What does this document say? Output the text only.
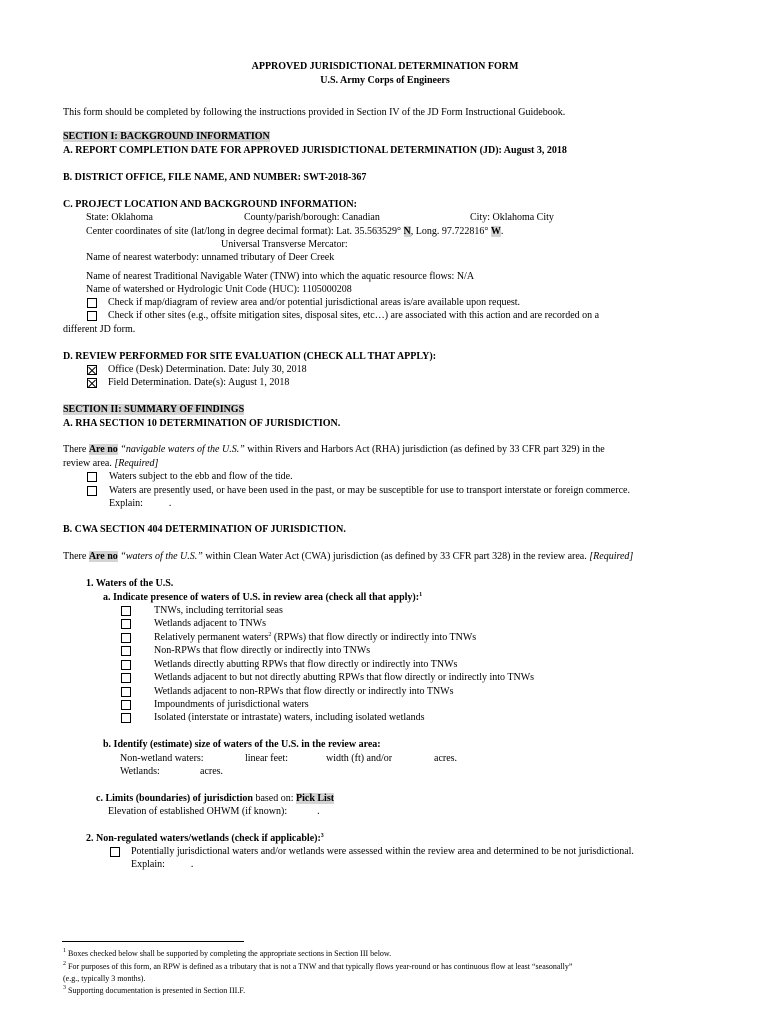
APPROVED JURISDICTIONAL DETERMINATION FORM
U.S. Army Corps of Engineers
This form should be completed by following the instructions provided in Section IV of the JD Form Instructional Guidebook.
SECTION I: BACKGROUND INFORMATION
A. REPORT COMPLETION DATE FOR APPROVED JURISDICTIONAL DETERMINATION (JD): August 3, 2018
B. DISTRICT OFFICE, FILE NAME, AND NUMBER: SWT-2018-367
C. PROJECT LOCATION AND BACKGROUND INFORMATION:
State: Oklahoma	County/parish/borough: Canadian	City: Oklahoma City
Center coordinates of site (lat/long in degree decimal format): Lat. 35.563529° N, Long. 97.722816° W.
Universal Transverse Mercator:
Name of nearest waterbody: unnamed tributary of Deer Creek
Name of nearest Traditional Navigable Water (TNW) into which the aquatic resource flows: N/A
Name of watershed or Hydrologic Unit Code (HUC): 1105000208
Check if map/diagram of review area and/or potential jurisdictional areas is/are available upon request.
Check if other sites (e.g., offsite mitigation sites, disposal sites, etc…) are associated with this action and are recorded on a
different JD form.
D. REVIEW PERFORMED FOR SITE EVALUATION (CHECK ALL THAT APPLY):
Office (Desk) Determination. Date: July 30, 2018
Field Determination. Date(s): August 1, 2018
SECTION II: SUMMARY OF FINDINGS
A. RHA SECTION 10 DETERMINATION OF JURISDICTION.
There Are no “navigable waters of the U.S.” within Rivers and Harbors Act (RHA) jurisdiction (as defined by 33 CFR part 329) in the
review area. [Required]
Waters subject to the ebb and flow of the tide.
Waters are presently used, or have been used in the past, or may be susceptible for use to transport interstate or foreign commerce.
Explain:	.
B. CWA SECTION 404 DETERMINATION OF JURISDICTION.
There Are no “waters of the U.S.” within Clean Water Act (CWA) jurisdiction (as defined by 33 CFR part 328) in the review area. [Required]
1. Waters of the U.S.
a. Indicate presence of waters of U.S. in review area (check all that apply):$^1$
TNWs, including territorial seas
Wetlands adjacent to TNWs
Relatively permanent waters$^2$ (RPWs) that flow directly or indirectly into TNWs
Non-RPWs that flow directly or indirectly into TNWs
Wetlands directly abutting RPWs that flow directly or indirectly into TNWs
Wetlands adjacent to but not directly abutting RPWs that flow directly or indirectly into TNWs
Wetlands adjacent to non-RPWs that flow directly or indirectly into TNWs
Impoundments of jurisdictional waters
Isolated (interstate or intrastate) waters, including isolated wetlands
b. Identify (estimate) size of waters of the U.S. in the review area:
Non-wetland waters:	linear feet:	width (ft) and/or	acres.
Wetlands:	acres.
c. Limits (boundaries) of jurisdiction based on: Pick List
Elevation of established OHWM (if known):	.
2. Non-regulated waters/wetlands (check if applicable):$^3$
Potentially jurisdictional waters and/or wetlands were assessed within the review area and determined to be not jurisdictional.
Explain:	.
$^1$ Boxes checked below shall be supported by completing the appropriate sections in Section III below.
$^2$ For purposes of this form, an RPW is defined as a tributary that is not a TNW and that typically flows year-round or has continuous flow at least “seasonally”
(e.g., typically 3 months).
$^3$ Supporting documentation is presented in Section III.F.
